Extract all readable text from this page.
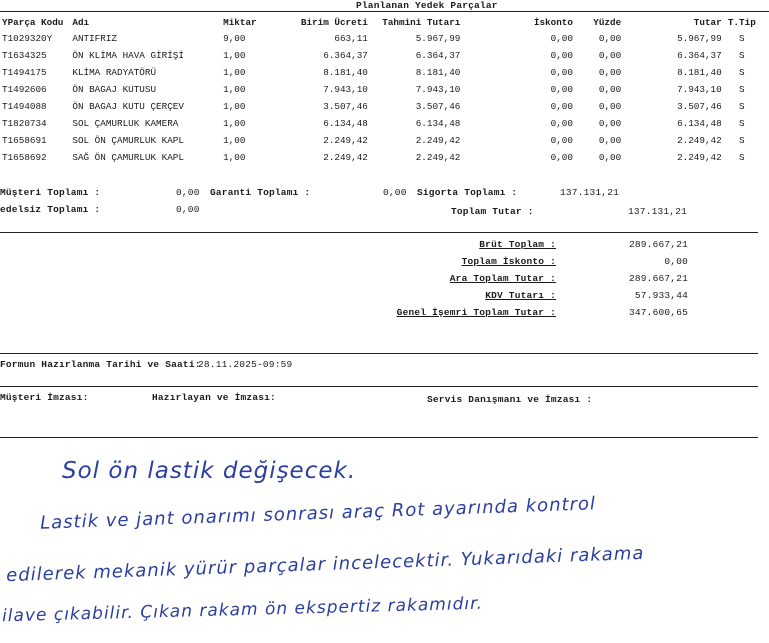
Planlanan Yedek Parçalar
YParça Kodu	Adı	Miktar	Birim Ücreti	Tahmini Tutarı	İskonto	Yüzde	Tutar	T.Tip
T1029320Y	ANTIFRIZ	9,00	663,11	5.967,99	0,00	0,00	5.967,99	S
T1634325	ÖN KLİMA HAVA GİRİŞİ	1,00	6.364,37	6.364,37	0,00	0,00	6.364,37	S
T1494175	KLİMA RADYATÖRÜ	1,00	8.181,40	8.181,40	0,00	0,00	8.181,40	S
T1492606	ÖN BAGAJ KUTUSU	1,00	7.943,10	7.943,10	0,00	0,00	7.943,10	S
T1494088	ÖN BAGAJ KUTU ÇERÇEV	1,00	3.507,46	3.507,46	0,00	0,00	3.507,46	S
T1820734	SOL ÇAMURLUK KAMERA	1,00	6.134,48	6.134,48	0,00	0,00	6.134,48	S
T1658691	SOL ÖN ÇAMURLUK KAPL	1,00	2.249,42	2.249,42	0,00	0,00	2.249,42	S
T1658692	SAĞ ÖN ÇAMURLUK KAPL	1,00	2.249,42	2.249,42	0,00	0,00	2.249,42	S
Müşteri Toplamı :	0,00 Garanti Toplamı :	0,00 Sigorta Toplamı :	137.131,21
edelsiz Toplamı :	0,00	Toplam Tutar :	137.131,21
Brüt Toplam :	289.667,21
Toplam İskonto :	0,00
Ara Toplam Tutar :	289.667,21
KDV Tutarı :	57.933,44
Genel İşemri Toplam Tutar :	347.600,65
Formun Hazırlanma Tarihi ve Saati:
28.11.2025-09:59
Müşteri İmzası:	Hazırlayan ve İmzası:	Servis Danışmanı ve İmzası :
Sol ön lastik değişecek.
Lastik ve jant onarımı sonrası araç Rot ayarında kontrol
edilerek mekanik yürür parçalar incelecektir. Yukarıdaki rakama
ilave çıkabilir. Çıkan rakam ön ekspertiz rakamıdır.
